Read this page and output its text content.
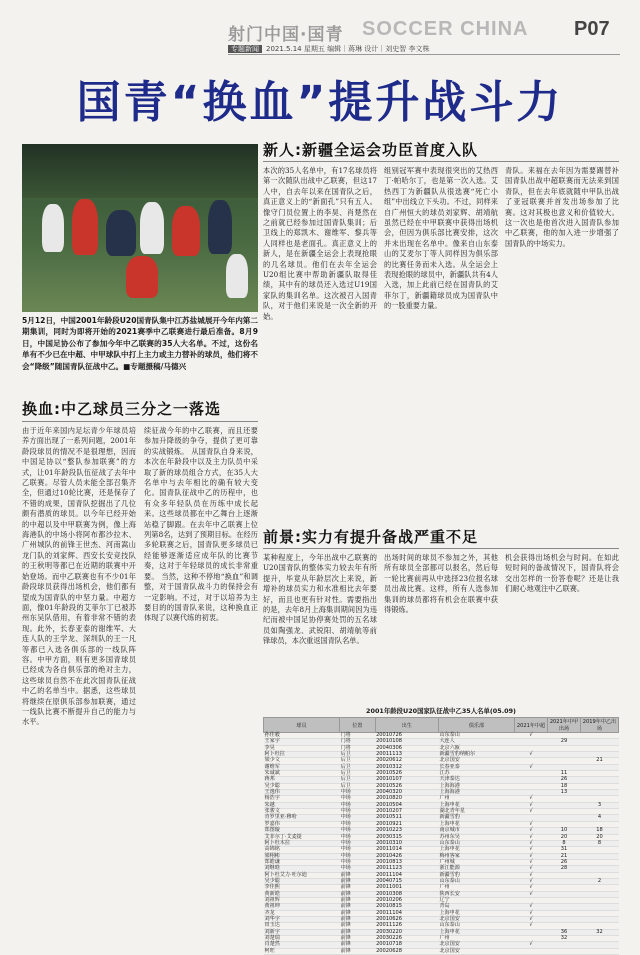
射门中国·国青 SOCCER CHINA P07
专题新闻 2021.5.14 星期五 编辑｜蒋琳 设计｜刘史智 李文株
国青“换血”提升战斗力
5月12日，中国2001年龄段U20国青队集中江苏盐城展开今年内第二期集训，同时为即将开始的2021赛季中乙联赛进行最后准备。8月9日，中国足协公布了参加今年中乙联赛的35人大名单。不过，这份名单有不少已在中超、中甲球队中打上主力或主力替补的球员，他们将不会“降级”随国青队征战中乙。■专题摄稿/马德兴
换血:中乙球员三分之一落选
由于近年来国内足坛青少年球员培养方面出现了一系列问题，2001年龄段球员的情况不是很理想，因而中国足协以“整队参加联赛”的方式，让01年龄段队伍征战了去年中乙联赛。尽管人员未能全部召集齐全，但通过10轮比赛，还是保存了不错的成果，国青队挖掘出了几位颇有潜质的球员。以今年已经开始的中超以及中甲联赛为例，像上海海港队的中场小将阿布都沙拉木、广州城队的前锋王世杰、河南嵩山龙门队的刘家辉、西安长安竞技队的王秋明等都已在近期的联赛中开始登场。而中乙联赛也有不少01年龄段球员获得出场机会，他们都有望成为国青队的中坚力量。中超方面，像01年龄段的艾菲尔丁已被苏州东吴队借用，有着非常不错的表现。此外，长春亚泰的谢维军、大连人队的王学龙、深圳队的王一凡等都已入选各俱乐部的一线队阵容。中甲方面，则有更多国青球员已经成为各自俱乐部的绝对主力，这些球员自然不在此次国青队征战中乙的名单当中。据悉，这些球员将继续在原俱乐部参加联赛，通过一线队比赛不断提升自己的能力与水平。
续征战今年的中乙联赛，而且还要参加升降级的争夺，提供了更可靠的实战锻炼。 从国青队自身来说，本次在年龄段中以及主力队员中采取了新的球员组合方式，在35人大名单中与去年相比的确有较大变化。国青队征战中乙的历程中，也有众多年轻队员在历练中成长起来。这些球员都在中乙舞台上逐渐站稳了脚跟。在去年中乙联赛上位列第8名，达到了预期目标。在经历多轮联赛之后，国青队更多球员已经能够逐渐适应成年队的比赛节奏，这对于年轻球员的成长非常重要。 当然，这种不停地“换血”和调整，对于国青队战斗力的保持会有一定影响。不过，对于以培养为主要目的的国青队来说，这种换血正体现了以赛代练的初衷。
新人:新疆全运会功臣首度入队
本次的35人名单中，有17名球员将第一次随队出战中乙联赛，但这17人中，自去年以来在国青队之后，真正意义上的“新面孔”只有五人。像守门员位置上的李昊、肖楚然在之前就已经参加过国青队集训；后卫线上的郑凯木、谢维军、黎兵等人同样也是老面孔。真正意义上的新人，是在新疆全运会上表现抢眼的几名球员。他们在去年全运会U20组比赛中帮助新疆队取得佳绩，其中有的球员还入选过U19国家队的集训名单。这次被召入国青队，对于他们来说是一次全新的开始。
组别冠军赛中表现很突出的艾热西丁·帕哈尔丁，也是第一次入选。艾热西丁为新疆队从很选赛“死亡小组”中出线立下头功。不过，同样来自广州恒大的球员刘家辉、胡靖航虽然已经在中甲联赛中获得出场机会，但因为俱乐部比赛安排，这次并未出现在名单中。像来自山东泰山的艾麦尔丁等人同样因为俱乐部的比赛任务而未入选。从全运会上表现抢眼的球员中，新疆队共有4人入选，加上此前已经在国青队的艾菲尔丁，新疆籍球员成为国青队中的一股重要力量。
青队。来福在去年因为需要踢替补国青队出战中超联赛而无法来到国青队，但在去年底就随中甲队出战了亚冠联赛并首发出场参加了比赛。这对其极也意义和价值较大。这一次也是他首次进入国青队参加中乙联赛，他的加入进一步增强了国青队的中场实力。
前景:实力有提升备战严重不足
某种程度上，今年出战中乙联赛的U20国青队的整体实力较去年有所提升，毕竟从年龄层次上来说，新增补的球员实力和水准相比去年要好，而且也更有针对性。需要指出的是，去年8月上海集训期间因为违纪而被中国足协停赛处罚的五名球员如陶强龙、武锐阳、胡靖航等前锋球员，本次重返国青队名单。
出场时间的球员不参加之外，其他所有球员全部都可以报名，然后每一轮比赛前再从中选择23位报名球员出战比赛。这样，所有人选参加集训的球员都将有机会在联赛中获得锻炼。
机会获得出场机会与时间。在如此短时间的备战情况下，国青队将会交出怎样的一份答卷呢？还是让我们耐心地观注中乙联赛。
2001年龄段U20国家队征战中乙35人名单(05.09)
球员	位置	出生	俱乐部	2021年中超	2021年中甲出场	2019年中乙出场
孙佳毅	门将	20010726	山东泰山	√		
王家宇	门将	20010108	大连人		29	
李昊	门将	20040306	北京六瓯			
阿卜杜拉	后卫	20011113	新疆雪豹纳帕尔	√		
梁少文	后卫	20020612	北京国安			21
谢维军	后卫	20010312	长春亚泰	√		
朱诚斌	后卫	20010526	江苏		11	
蒋邦	后卫	20010107	天津泰达		26	
吴少聪	后卫	20010526	上海海港		18	
王逸伟	中场	20040320	上海海港		13	
杨浩宇	中场	20010820	广州	√		
朱越	中场	20010504	上海申花	√		3
张骏文	中场	20010207	湖北青年星	√		
肯罗里亚·穆哈	中场	20010511	新疆雪豹			4
罗嘉伟	中场	20010921	上海申花	√		
郑图璇	中场	20010223	南京城市	√	10	18
艾菲尔丁·艾麦提	中场	20030315	苏州东吴	√	20	20
阿卜杜木拉	中场	20010310	山东泰山	√	8	8
高锦铭	中场	20011014	上海申花	√	31	
梁栩彬	中场	20010426	梅州客家	√	21	
郑皓谦	中场	20010813	广州城	√	26	
刘继晗	中场	20011123	浙江能源	√	28	
阿卜杜艾力·吐尔迪	前锋	20011104	新疆雪豹	√		
吴少聪	前锋	20040715	山东泰山	√		2
李佳熙	前锋	20011001	广州	√		
黄新皓	前锋	20010308	陕西长安	√		
刘祖辉	前锋	20010206	辽宁			
黄祖坤	前锋	20010815	青岛	√		
齐龙	前锋	20011104	上海申花	√		
刘华宇	前锋	20010626	北京国安	√		
田玉达	前锋	20011126	山东泰山	√		
刘新宇	前锋	20030220	上海申花		36	32
刘楚瑞	前锋	20030226	广州		32	
肖楚然	前锋	20010718	北京国安	√		
柯旺	前锋	20020628	北京国安			
